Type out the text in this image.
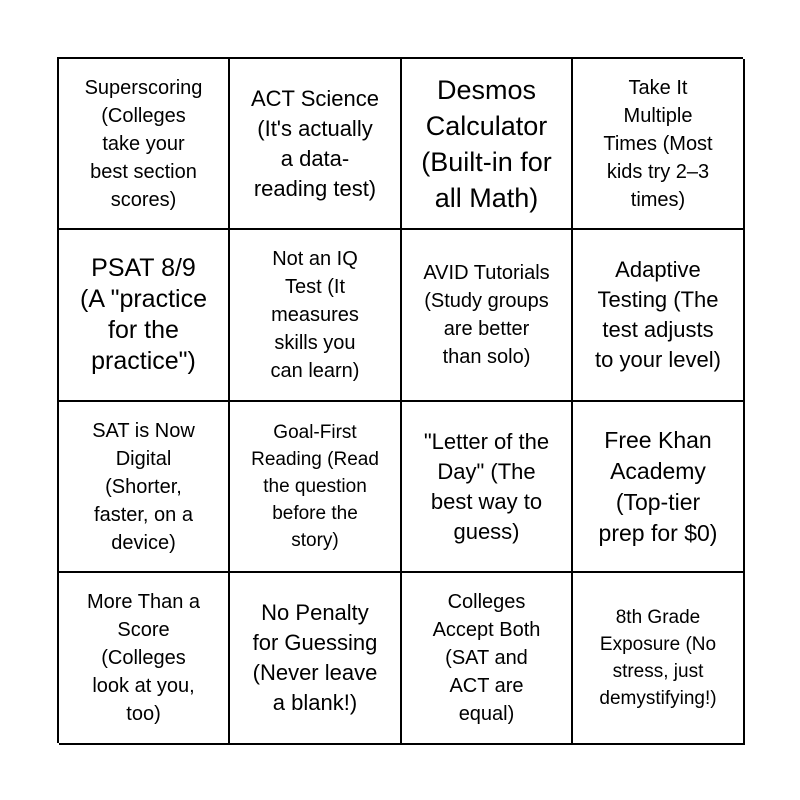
Superscoring
(Colleges
take your
best section
scores)
ACT Science
(It's actually
a data-
reading test)
Desmos
Calculator
(Built-in for
all Math)
Take It
Multiple
Times (Most
kids try 2–3
times)
PSAT 8/9
(A "practice
for the
practice")
Not an IQ
Test (It
measures
skills you
can learn)
AVID Tutorials
(Study groups
are better
than solo)
Adaptive
Testing (The
test adjusts
to your level)
SAT is Now
Digital
(Shorter,
faster, on a
device)
Goal-First
Reading (Read
the question
before the
story)
"Letter of the
Day" (The
best way to
guess)
Free Khan
Academy
(Top-tier
prep for $0)
More Than a
Score
(Colleges
look at you,
too)
No Penalty
for Guessing
(Never leave
a blank!)
Colleges
Accept Both
(SAT and
ACT are
equal)
8th Grade
Exposure (No
stress, just
demystifying!)
